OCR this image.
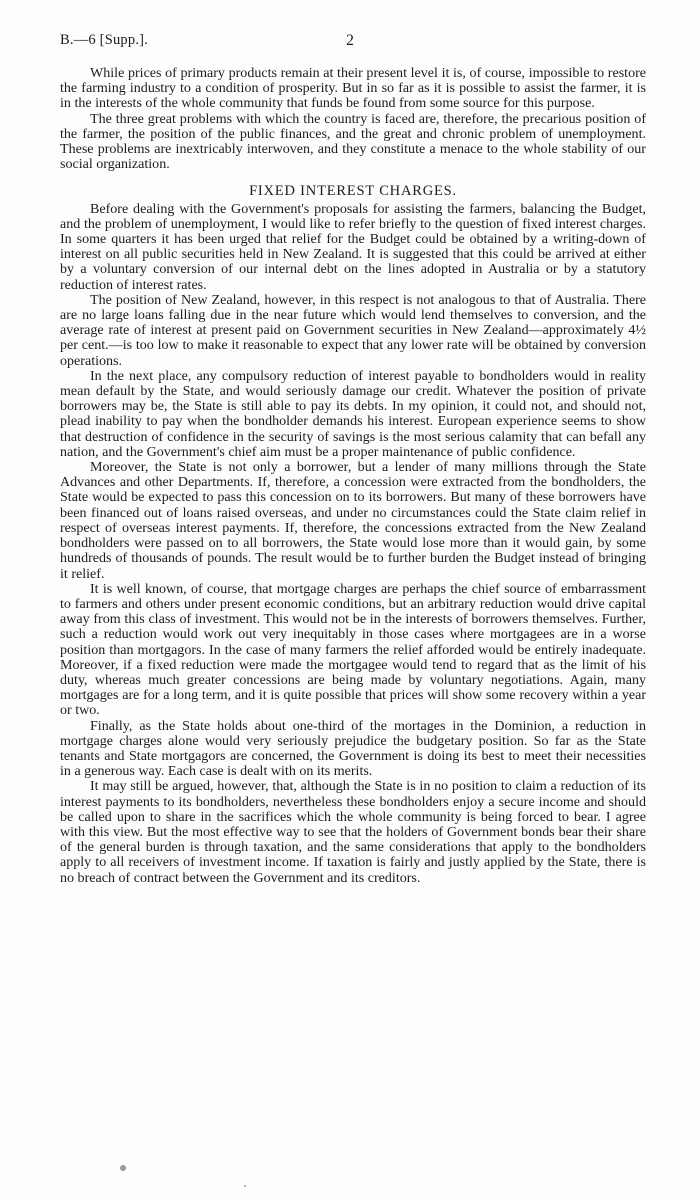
B.—6 [Supp.].	2

While prices of primary products remain at their present level it is, of course, impossible to restore the farming industry to a condition of prosperity. But in so far as it is possible to assist the farmer, it is in the interests of the whole community that funds be found from some source for this purpose.

The three great problems with which the country is faced are, therefore, the precarious position of the farmer, the position of the public finances, and the great and chronic problem of unemployment. These problems are inextricably interwoven, and they constitute a menace to the whole stability of our social organization.

FIXED INTEREST CHARGES.

Before dealing with the Government's proposals for assisting the farmers, balancing the Budget, and the problem of unemployment, I would like to refer briefly to the question of fixed interest charges. In some quarters it has been urged that relief for the Budget could be obtained by a writing-down of interest on all public securities held in New Zealand. It is suggested that this could be arrived at either by a voluntary conversion of our internal debt on the lines adopted in Australia or by a statutory reduction of interest rates.

The position of New Zealand, however, in this respect is not analogous to that of Australia. There are no large loans falling due in the near future which would lend themselves to conversion, and the average rate of interest at present paid on Government securities in New Zealand—approximately 4½ per cent.—is too low to make it reasonable to expect that any lower rate will be obtained by conversion operations.

In the next place, any compulsory reduction of interest payable to bondholders would in reality mean default by the State, and would seriously damage our credit. Whatever the position of private borrowers may be, the State is still able to pay its debts. In my opinion, it could not, and should not, plead inability to pay when the bondholder demands his interest. European experience seems to show that destruction of confidence in the security of savings is the most serious calamity that can befall any nation, and the Government's chief aim must be a proper maintenance of public confidence.

Moreover, the State is not only a borrower, but a lender of many millions through the State Advances and other Departments. If, therefore, a concession were extracted from the bondholders, the State would be expected to pass this concession on to its borrowers. But many of these borrowers have been financed out of loans raised overseas, and under no circumstances could the State claim relief in respect of overseas interest payments. If, therefore, the concessions extracted from the New Zealand bondholders were passed on to all borrowers, the State would lose more than it would gain, by some hundreds of thousands of pounds. The result would be to further burden the Budget instead of bringing it relief.

It is well known, of course, that mortgage charges are perhaps the chief source of embarrassment to farmers and others under present economic conditions, but an arbitrary reduction would drive capital away from this class of investment. This would not be in the interests of borrowers themselves. Further, such a reduction would work out very inequitably in those cases where mortgagees are in a worse position than mortgagors. In the case of many farmers the relief afforded would be entirely inadequate. Moreover, if a fixed reduction were made the mortgagee would tend to regard that as the limit of his duty, whereas much greater concessions are being made by voluntary negotiations. Again, many mortgages are for a long term, and it is quite possible that prices will show some recovery within a year or two.

Finally, as the State holds about one-third of the mortages in the Dominion, a reduction in mortgage charges alone would very seriously prejudice the budgetary position. So far as the State tenants and State mortgagors are concerned, the Government is doing its best to meet their necessities in a generous way. Each case is dealt with on its merits.

It may still be argued, however, that, although the State is in no position to claim a reduction of its interest payments to its bondholders, nevertheless these bondholders enjoy a secure income and should be called upon to share in the sacrifices which the whole community is being forced to bear. I agree with this view. But the most effective way to see that the holders of Government bonds bear their share of the general burden is through taxation, and the same considerations that apply to the bondholders apply to all receivers of investment income. If taxation is fairly and justly applied by the State, there is no breach of contract between the Government and its creditors.
